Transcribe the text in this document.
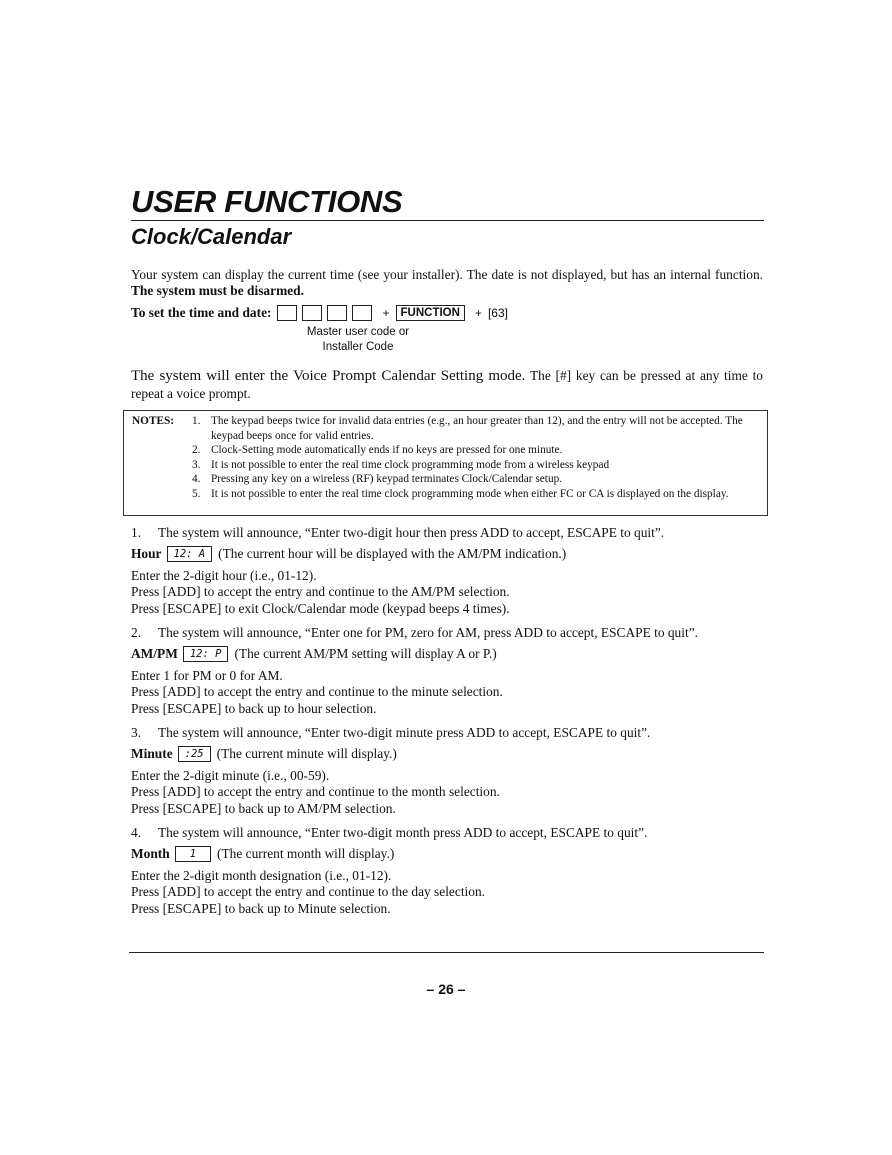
USER FUNCTIONS
Clock/Calendar

Your system can display the current time (see your installer). The date is not displayed, but has an internal function. The system must be disarmed.

To set the time and date:	+ FUNCTION	+ [63]

Master user code or
Installer Code

The system will enter the Voice Prompt Calendar Setting mode. The [#] key can be pressed at any time to repeat a voice prompt.

NOTES: 1. The keypad beeps twice for invalid data entries (e.g., an hour greater than 12), and the entry will not be accepted. The keypad beeps once for valid entries.
2. Clock-Setting mode automatically ends if no keys are pressed for one minute.
3. It is not possible to enter the real time clock programming mode from a wireless keypad
4. Pressing any key on a wireless (RF) keypad terminates Clock/Calendar setup.
5. It is not possible to enter the real time clock programming mode when either FC or CA is displayed on the display.
1. The system will announce, “Enter two-digit hour then press ADD to accept, ESCAPE to quit”.
Hour	12: A (The current hour will be displayed with the AM/PM indication.)

Enter the 2-digit hour (i.e., 01-12).
Press [ADD] to accept the entry and continue to the AM/PM selection.
Press [ESCAPE] to exit Clock/Calendar mode (keypad beeps 4 times).

2. The system will announce, “Enter one for PM, zero for AM, press ADD to accept, ESCAPE to quit”.
AM/PM	12: P (The current AM/PM setting will display A or P.)

Enter 1 for PM or 0 for AM.
Press [ADD] to accept the entry and continue to the minute selection.
Press [ESCAPE] to back up to hour selection.

3. The system will announce, “Enter two-digit minute press ADD to accept, ESCAPE to quit”.
Minute	:25 (The current minute will display.)

Enter the 2-digit minute (i.e., 00-59).
Press [ADD] to accept the entry and continue to the month selection.
Press [ESCAPE] to back up to AM/PM selection.

4. The system will announce, “Enter two-digit month press ADD to accept, ESCAPE to quit”.
Month	1	(The current month will display.)

Enter the 2-digit month designation (i.e., 01-12).
Press [ADD] to accept the entry and continue to the day selection.
Press [ESCAPE] to back up to Minute selection.

– 26 –
